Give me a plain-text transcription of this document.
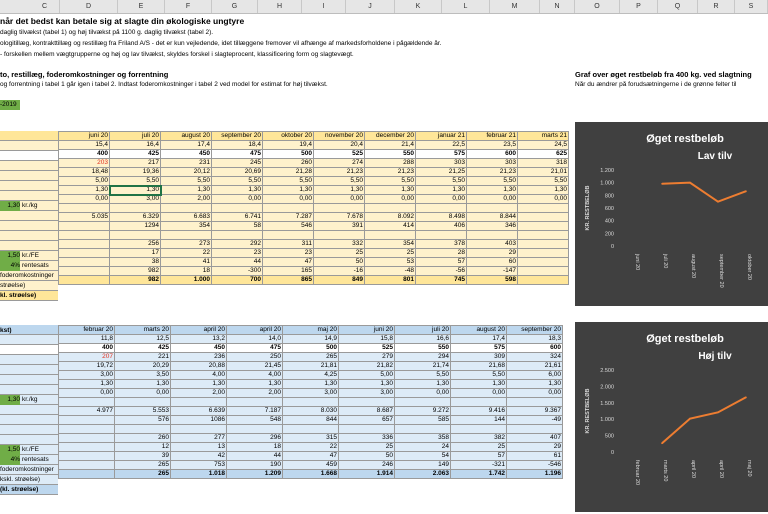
C	D	E	F	G	H	I	J	K	L	M	N	O	P	Q	R	S
når det bedst kan betale sig at slagte din økologiske ungtyre
daglig tilvækst (tabel 1) og høj tilvækst på 1100 g. daglig tilvækst (tabel 2).
ologitillæg, kontrakttillæg og restillæg fra Friland A/S - det er kun vejledende, idet tillæggene fremover vil afhænge af markedsforholdene i pågældende år.
- forskellen mellem vægtgrupperne og høj og lav tilvækst, skyldes forskel i slagteprocent, klassificering form og slagtevægt.
to, restillæg, foderomkostninger og forrentning
og forrentning i tabel 1 går igen i tabel 2. Indtast foderomkostninger i tabel 2 ved model for estimat for høj tilvækst.
-2019
Graf over øget restbeløb fra 400 kg. ved slagtning
Når du ændrer på forudsætningerne i de grønne felter til
1,30 kr./kg
1,50 kr./FE
4% rentesats
foderomkostninger
strøelse)
kl. strøelse)
juni 20	juli 20	august 20	september 20	oktober 20	november 20	december 20	januar 21	februar 21	marts 21
15,4	16,4	17,4	18,4	19,4	20,4	21,4	22,5	23,5	24,5
400	425	450	475	500	525	550	575	600	625
203	217	231	245	260	274	288	303	303	318
18,48	19,36	20,12	20,69	21,28	21,23	21,23	21,25	21,23	21,01
5,00	5,50	5,50	5,50	5,50	5,50	5,50	5,50	5,50	5,50
1,30	1,30	1,30	1,30	1,30	1,30	1,30	1,30	1,30	1,30
0,00	3,00	2,00	0,00	0,00	0,00	0,00	0,00	0,00	0,00

5.035	6.329	6.683	6.741	7.287	7.678	8.092	8.498	8.844	
	1294	354	58	546	391	414	406	346	

	256	273	292	311	332	354	378	403	
	17	22	23	23	25	25	28	29	
	38	41	44	47	50	53	57	60	
	982	18	-300	165	-16	-48	-56	-147	
	982	1.000	700	865	849	801	745	598	
1,30 kr./kg
1,50 kr./FE
4% rentesats
foderomkostninger
kskl. strøelse)
(kl. strøelse)
kst)	februar 20	marts 20	april 20	april 20	maj 20	juni 20	juli 20	august 20	september 20
11,8	12,5	13,2	14,0	14,9	15,8	16,6	17,4	18,3
400	425	450	475	500	525	550	575	600
207	221	236	250	265	279	294	309	324
19,72	20,29	20,88	21,45	21,81	21,82	21,74	21,68	21,61
3,00	3,50	4,00	4,00	4,25	5,00	5,50	5,50	6,00
1,30	1,30	1,30	1,30	1,30	1,30	1,30	1,30	1,30
0,00	0,00	2,00	2,00	3,00	3,00	0,00	0,00	0,00

4.977	5.553	6.639	7.187	8.030	8.687	9.272	9.416	9.367
	576	1086	548	844	657	585	144	-49

	260	277	296	315	336	358	382	407
	12	13	18	22	25	24	25	29
	39	42	44	47	50	54	57	61
	265	753	190	459	246	149	-321	-546
	265	1.018	1.209	1.668	1.914	2.063	1.742	1.196
Øget restbeløb
Lav tilv
KR. RESTBELØB
1.200
1.000
800
600
400
200
0
juni 20	juli 20	august 20	september 20	oktober 20
Øget restbeløb
Høj tilv
KR. RESTBELØB
2.500
2.000
1.500
1.000
500
0
februar 20	marts 20	april 20	april 20	maj 20
